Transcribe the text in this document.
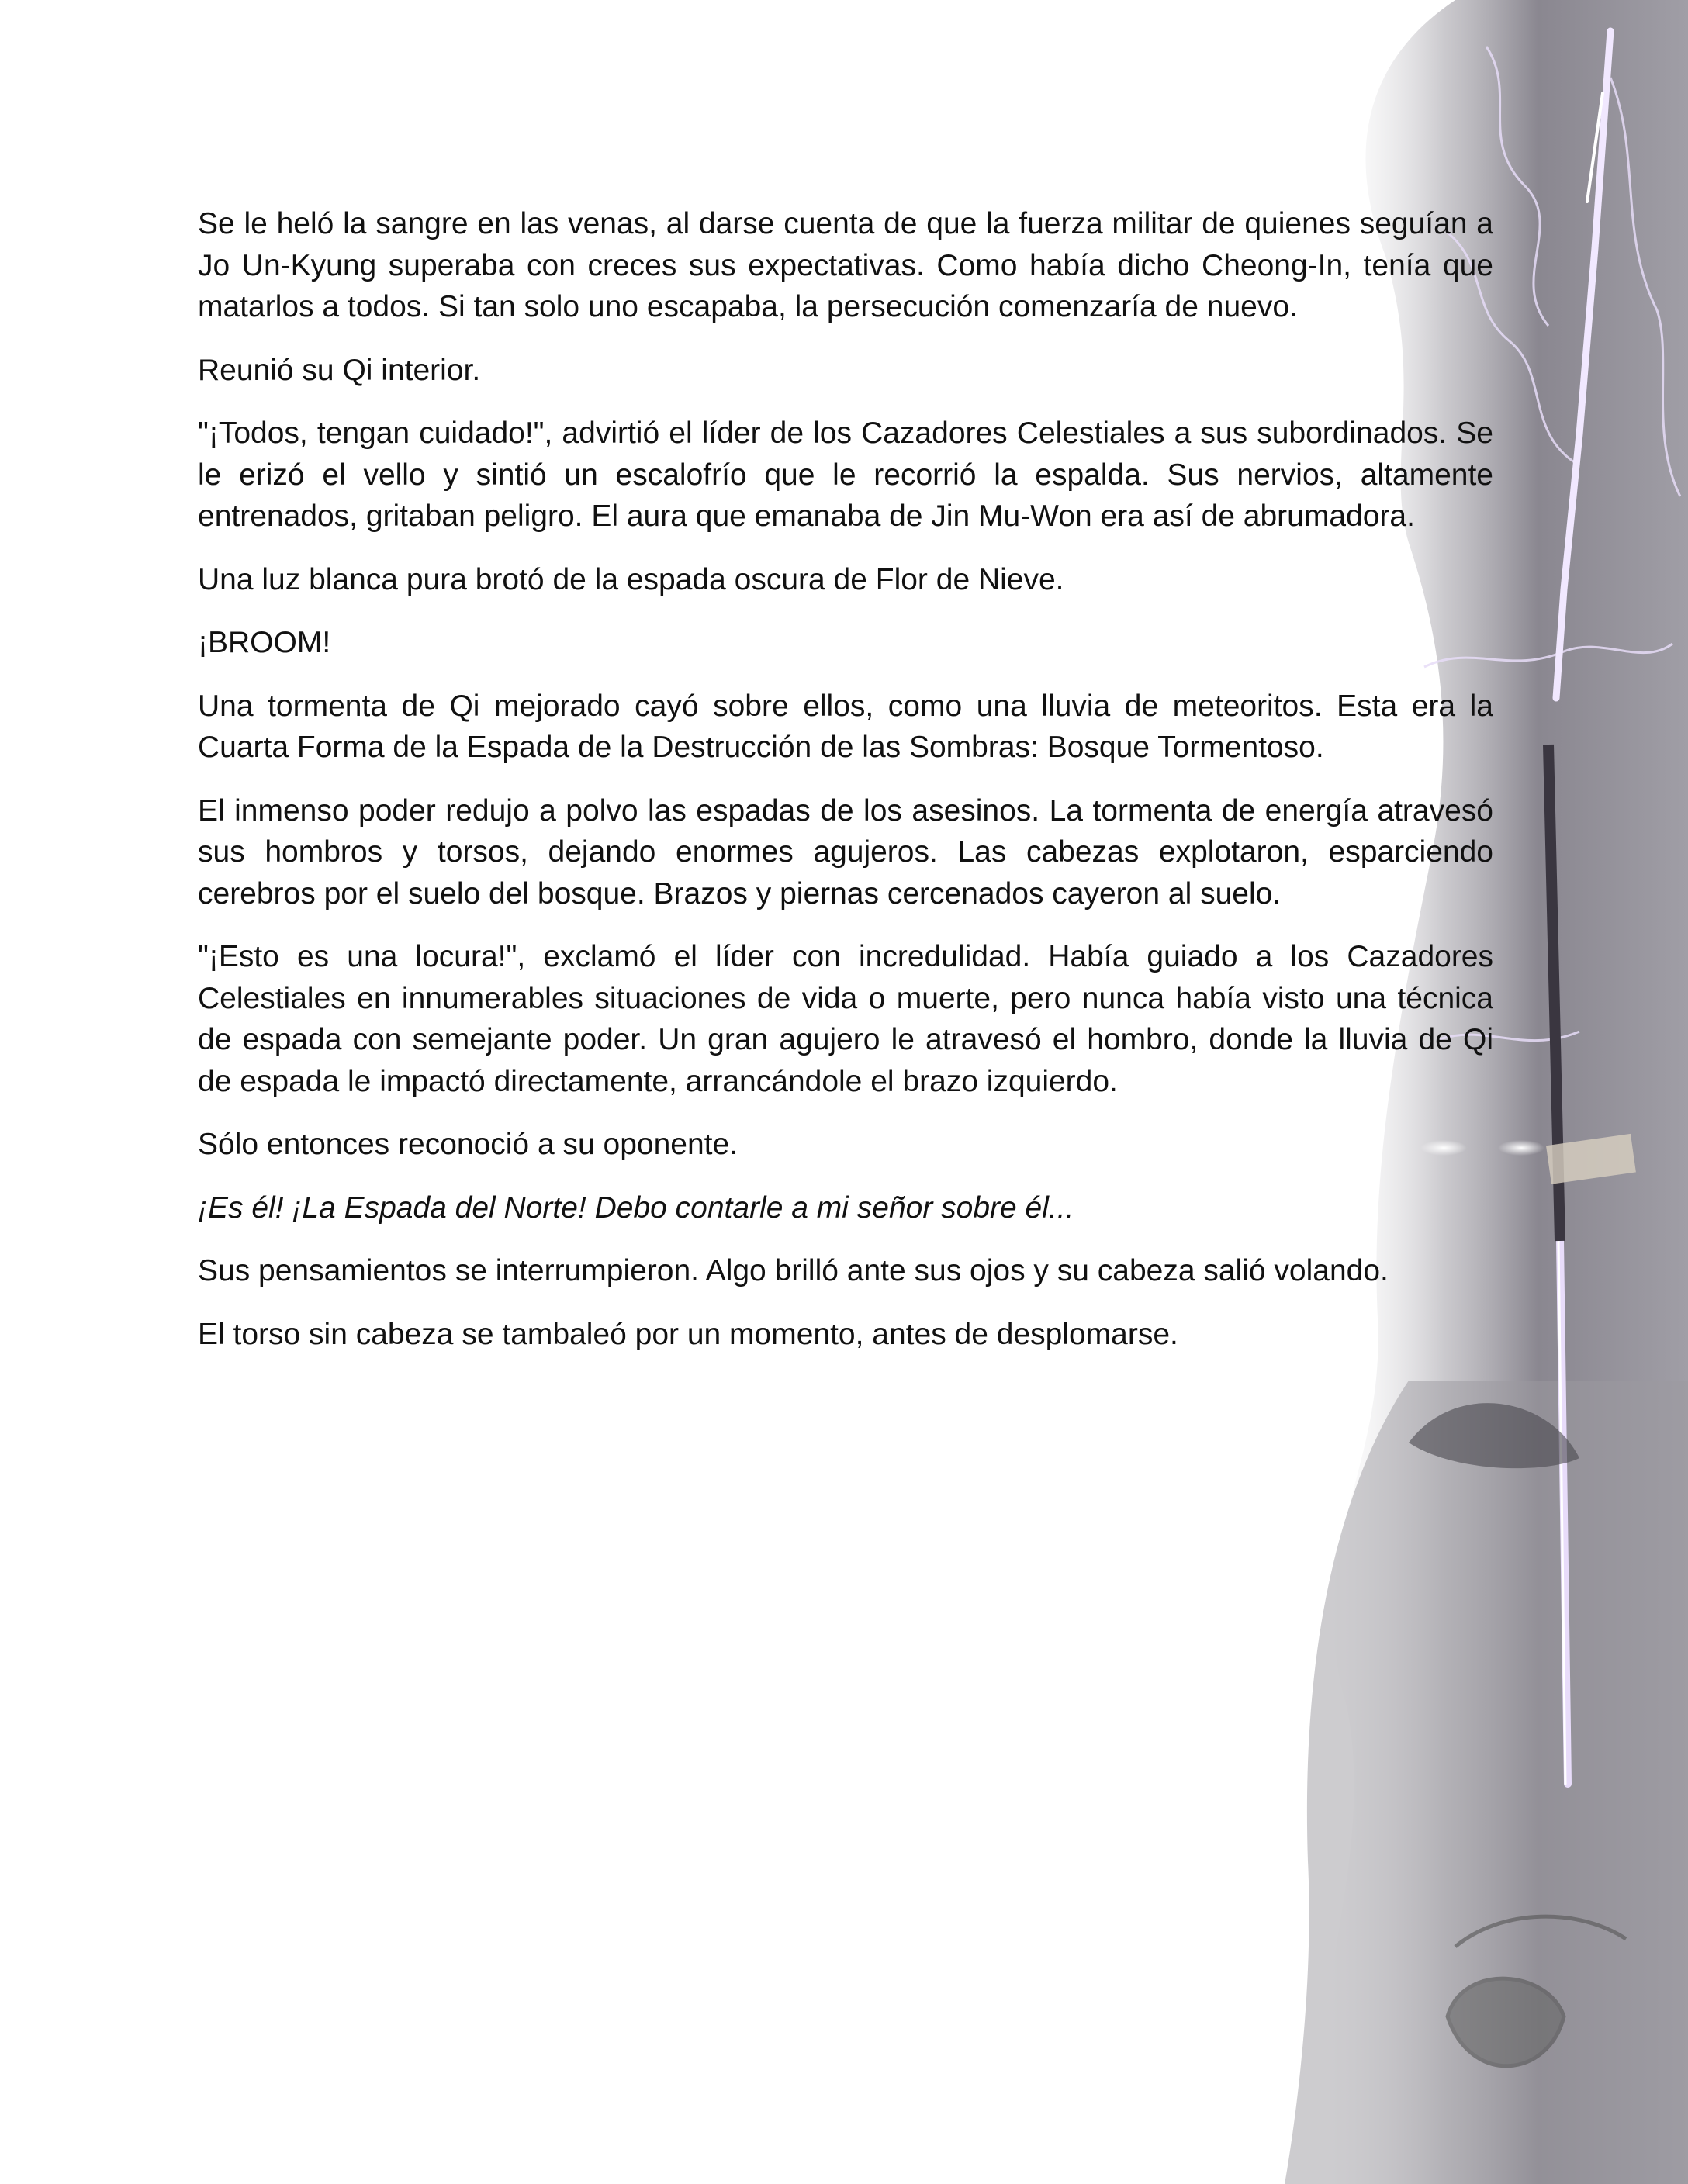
Se le heló la sangre en las venas, al darse cuenta de que la fuerza militar de quienes seguían a Jo Un-Kyung superaba con creces sus expectativas. Como había dicho Cheong-In, tenía que matarlos a todos. Si tan solo uno escapaba, la persecución comenzaría de nuevo.

Reunió su Qi interior.

"¡Todos, tengan cuidado!", advirtió el líder de los Cazadores Celestiales a sus subordinados. Se le erizó el vello y sintió un escalofrío que le recorrió la espalda. Sus nervios, altamente entrenados, gritaban peligro. El aura que emanaba de Jin Mu-Won era así de abrumadora.

Una luz blanca pura brotó de la espada oscura de Flor de Nieve.

¡BROOM!

Una tormenta de Qi mejorado cayó sobre ellos, como una lluvia de meteoritos. Esta era la Cuarta Forma de la Espada de la Destrucción de las Sombras: Bosque Tormentoso.

El inmenso poder redujo a polvo las espadas de los asesinos. La tormenta de energía atravesó sus hombros y torsos, dejando enormes agujeros. Las cabezas explotaron, esparciendo cerebros por el suelo del bosque. Brazos y piernas cercenados cayeron al suelo.

"¡Esto es una locura!", exclamó el líder con incredulidad. Había guiado a los Cazadores Celestiales en innumerables situaciones de vida o muerte, pero nunca había visto una técnica de espada con semejante poder. Un gran agujero le atravesó el hombro, donde la lluvia de Qi de espada le impactó directamente, arrancándole el brazo izquierdo.

Sólo entonces reconoció a su oponente.

¡Es él! ¡La Espada del Norte! Debo contarle a mi señor sobre él...

Sus pensamientos se interrumpieron. Algo brilló ante sus ojos y su cabeza salió volando.

El torso sin cabeza se tambaleó por un momento, antes de desplomarse.
